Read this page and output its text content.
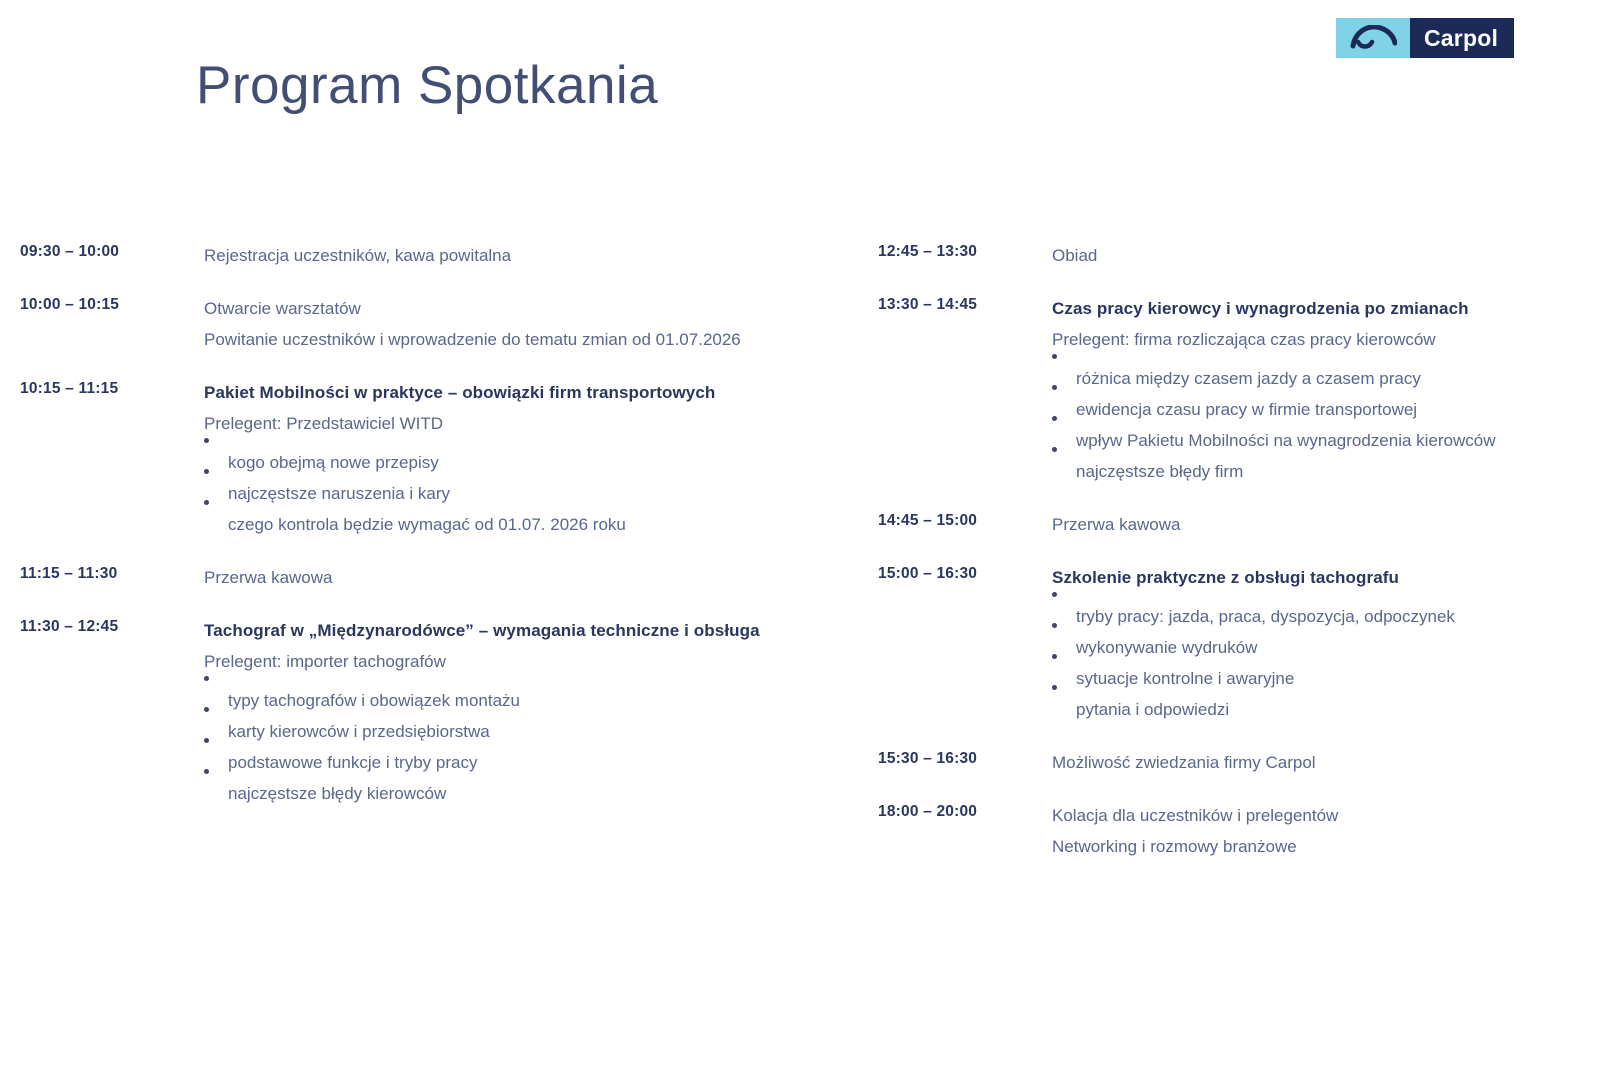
Carpol
Program Spotkania
09:30 – 10:00	Rejestracja uczestników, kawa powitalna
10:00 – 10:15	Otwarcie warsztatów
Powitanie uczestników i wprowadzenie do tematu zmian od 01.07.2026
10:15 – 11:15	Pakiet Mobilności w praktyce – obowiązki firm transportowych
Prelegent: Przedstawiciel WITD
kogo obejmą nowe przepisy
najczęstsze naruszenia i kary
czego kontrola będzie wymagać od 01.07. 2026 roku
11:15 – 11:30	Przerwa kawowa
11:30 – 12:45	Tachograf w „Międzynarodówce” – wymagania techniczne i obsługa
Prelegent: importer tachografów
typy tachografów i obowiązek montażu
karty kierowców i przedsiębiorstwa
podstawowe funkcje i tryby pracy
najczęstsze błędy kierowców
12:45 – 13:30	Obiad
13:30 – 14:45	Czas pracy kierowcy i wynagrodzenia po zmianach
Prelegent: firma rozliczająca czas pracy kierowców
różnica między czasem jazdy a czasem pracy
ewidencja czasu pracy w firmie transportowej
wpływ Pakietu Mobilności na wynagrodzenia kierowców
najczęstsze błędy firm
14:45 – 15:00	Przerwa kawowa
15:00 – 16:30	Szkolenie praktyczne z obsługi tachografu
tryby pracy: jazda, praca, dyspozycja, odpoczynek
wykonywanie wydruków
sytuacje kontrolne i awaryjne
pytania i odpowiedzi
15:30 – 16:30	Możliwość zwiedzania firmy Carpol
18:00 – 20:00	Kolacja dla uczestników i prelegentów
Networking i rozmowy branżowe
